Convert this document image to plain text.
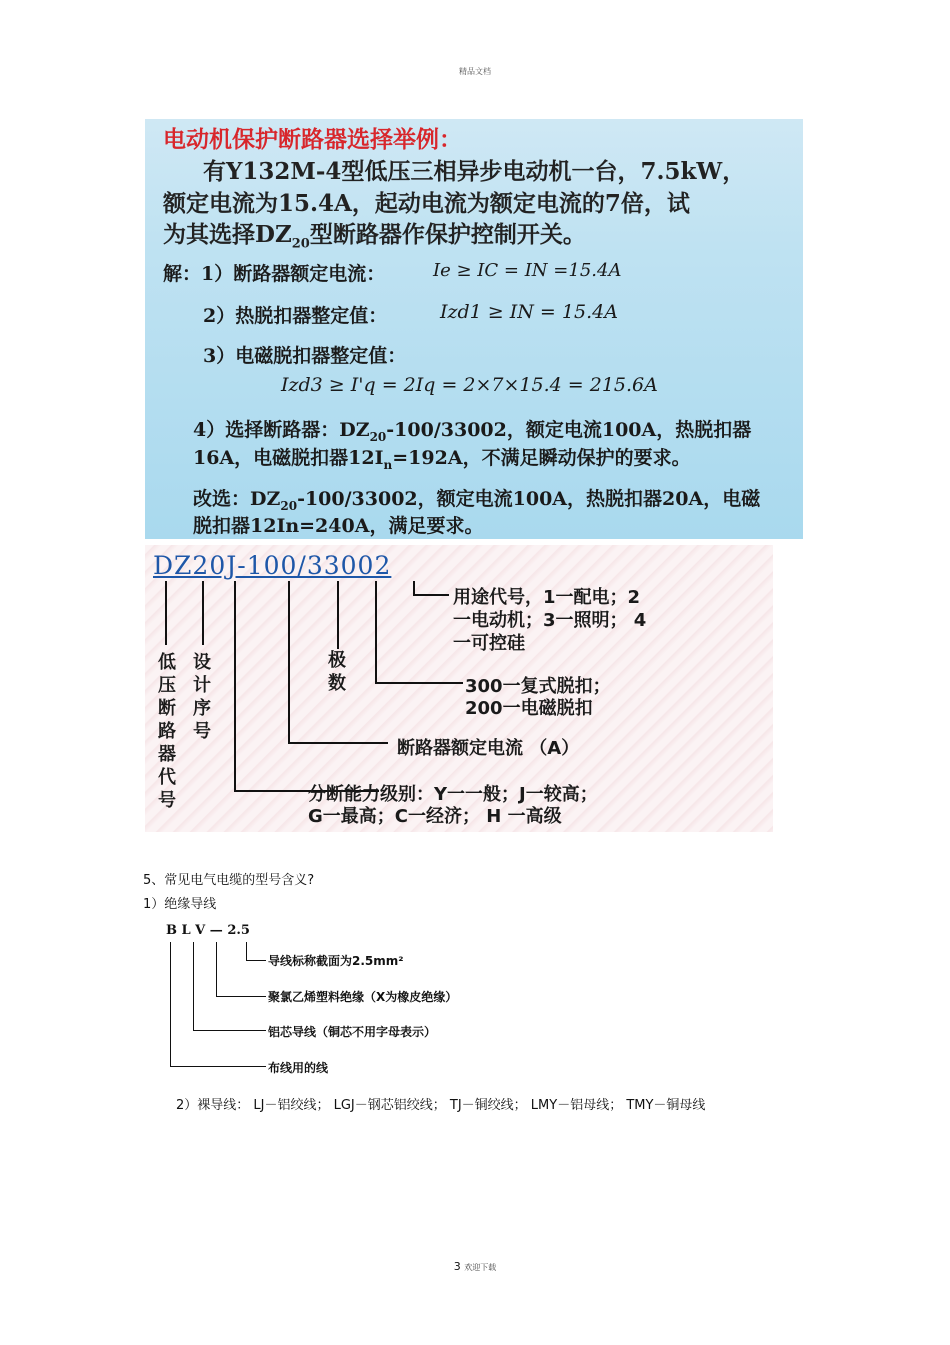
精品文档
电动机保护断路器选择举例：
有Y132M-4型低压三相异步电动机一台，7.5kW，
额定电流为15.4A，起动电流为额定电流的7倍，试
为其选择$DZ_{20}$型断路器作保护控制开关。
解：1）断路器额定电流：	Ie ≥ IC = IN =15.4A
2）热脱扣器整定值：	Izd1 ≥ IN = 15.4A
3）电磁脱扣器整定值：
Izd3 ≥ I'q = 2Iq = 2×7×15.4 = 215.6A
4）选择断路器：$DZ_{20}-100/33002$，额定电流100A，热脱扣器
16A，电磁脱扣器$12I_n=192A$，不满足瞬动保护的要求。
改选：$DZ_{20}-100/33002$，额定电流100A，热脱扣器20A，电磁
脱扣器12In=240A，满足要求。
DZ20J-100/33002
用途代号，1一配电；2
一电动机；3一照明； 4
一可控硅
低压断路器代号
设计序号
极数	300一复式脱扣；
200一电磁脱扣
断路器额定电流 （A）
分断能力级别：Y一一般；J一较高；
G一最高；C一经济； H 一高级
5、常见电气电缆的型号含义?
1）绝缘导线
B L V — 2.5
导线标称截面为2.5mm²
聚氯乙烯塑料绝缘（X为橡皮绝缘）
铝芯导线（铜芯不用字母表示）
布线用的线
2）裸导线： LJ－铝绞线； LGJ－钢芯铝绞线； TJ－铜绞线； LMY－铝母线； TMY－铜母线
3 欢迎下载
